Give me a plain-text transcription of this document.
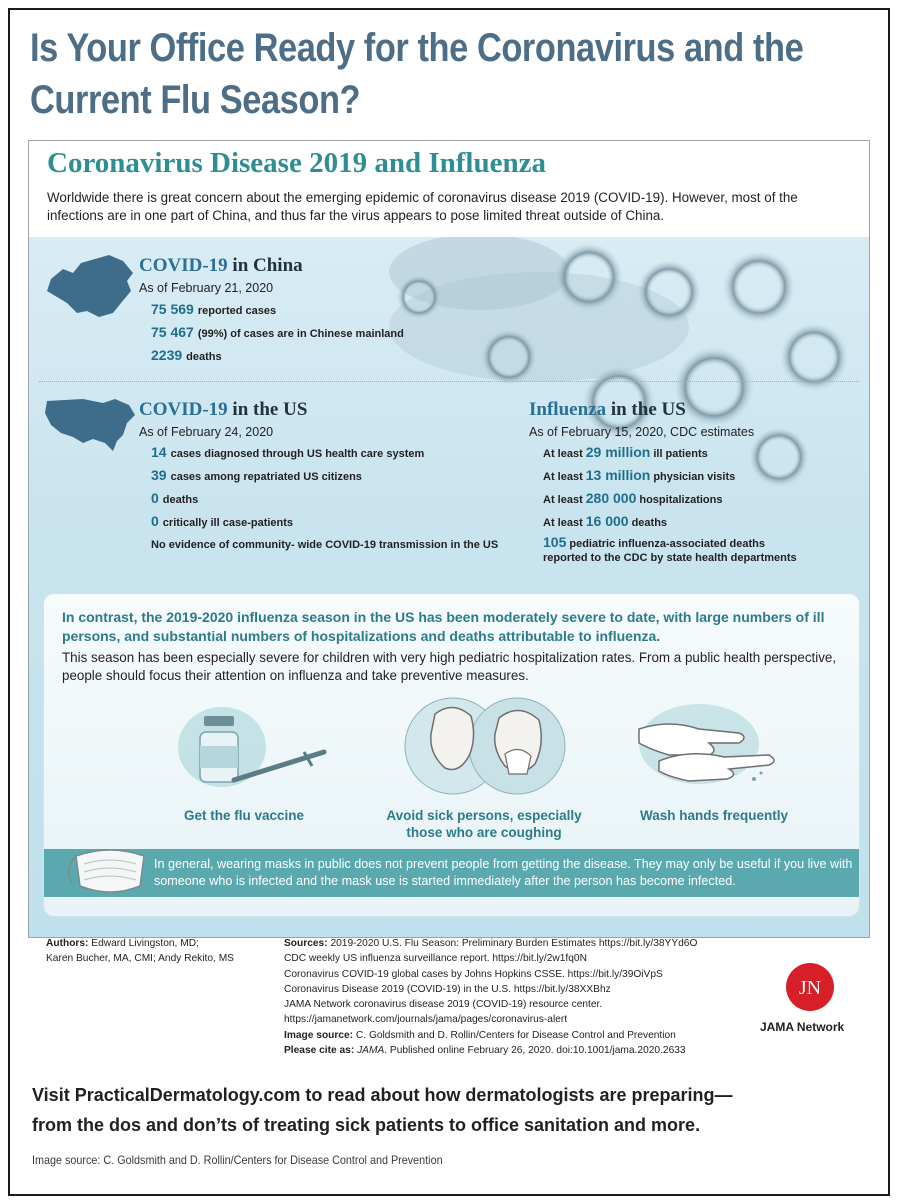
Is Your Office Ready for the Coronavirus and the Current Flu Season?
Coronavirus Disease 2019 and Influenza
Worldwide there is great concern about the emerging epidemic of coronavirus disease 2019 (COVID-19). However, most of the infections are in one part of China, and thus far the virus appears to pose limited threat outside of China.
COVID-19 in China
As of February 21, 2020
75 569 reported cases
75 467 (99%) of cases are in Chinese mainland
2239 deaths
COVID-19 in the US
As of February 24, 2020
14 cases diagnosed through US health care system
39 cases among repatriated US citizens
0 deaths
0 critically ill case-patients
No evidence of community- wide COVID-19 transmission in the US
Influenza in the US
As of February 15, 2020, CDC estimates
At least 29 million ill patients
At least 13 million physician visits
At least 280 000 hospitalizations
At least 16 000 deaths
105 pediatric influenza-associated deaths
reported to the CDC by state health departments
In contrast, the 2019-2020 influenza season in the US has been moderately severe to date, with large numbers of ill persons, and substantial numbers of hospitalizations and deaths attributable to influenza.
This season has been especially severe for children with very high pediatric hospitalization rates. From a public health perspective, people should focus their attention on influenza and take preventive measures.
Get the flu vaccine	Avoid sick persons, especially
those who are coughing
Wash hands frequently
In general, wearing masks in public does not prevent people from getting the disease. They may only be useful if you live with someone who is infected and the mask use is started immediately after the person has become infected.
Authors: Edward Livingston, MD;
Karen Bucher, MA, CMI; Andy Rekito, MS
Sources: 2019-2020 U.S. Flu Season: Preliminary Burden Estimates https://bit.ly/38YYd6O
CDC weekly US influenza surveillance report. https://bit.ly/2w1fq0N
Coronavirus COVID-19 global cases by Johns Hopkins CSSE. https://bit.ly/39OiVpS
Coronavirus Disease 2019 (COVID-19) in the U.S. https://bit.ly/38XXBhz
JAMA Network coronavirus disease 2019 (COVID-19) resource center.
https://jamanetwork.com/journals/jama/pages/coronavirus-alert
Image source: C. Goldsmith and D. Rollin/Centers for Disease Control and Prevention
Please cite as: JAMA. Published online February 26, 2020. doi:10.1001/jama.2020.2633
JN
JAMA Network
Visit PracticalDermatology.com to read about how dermatologists are preparing—
from the dos and don’ts of treating sick patients to office sanitation and more.
Image source: C. Goldsmith and D. Rollin/Centers for Disease Control and Prevention
